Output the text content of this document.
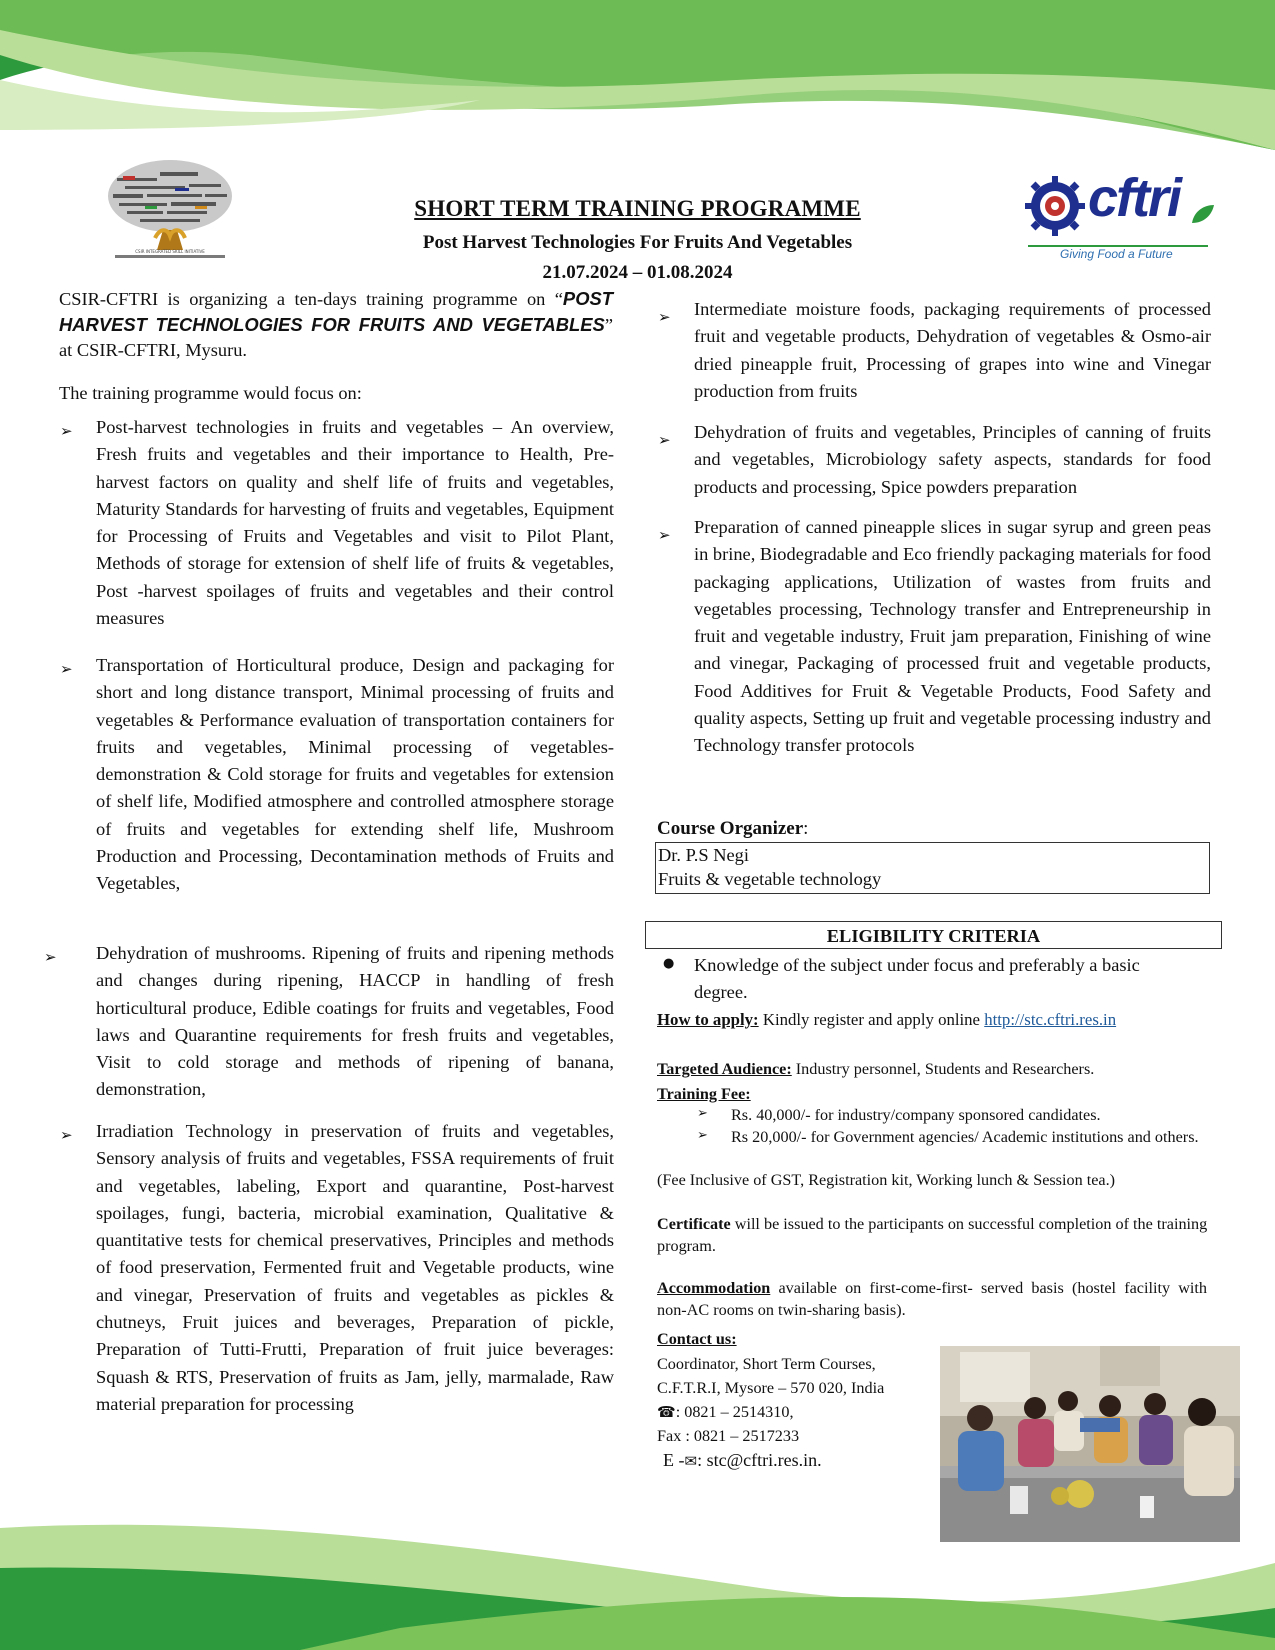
CSIR INTEGRATED SKILL INITIATIVE
cftri
Giving Food a Future
SHORT TERM TRAINING PROGRAMME
Post Harvest Technologies For Fruits And Vegetables
21.07.2024 – 01.08.2024
CSIR-CFTRI is organizing a ten-days training programme on “POST HARVEST TECHNOLOGIES FOR FRUITS AND VEGETABLES” at CSIR-CFTRI, Mysuru.
The training programme would focus on:
➢	Post-harvest technologies in fruits and vegetables – An overview, Fresh fruits and vegetables and their importance to Health, Pre-harvest factors on quality and shelf life of fruits and vegetables, Maturity Standards for harvesting of fruits and vegetables, Equipment for Processing of Fruits and Vegetables and visit to Pilot Plant, Methods of storage for extension of shelf life of fruits & vegetables, Post -harvest spoilages of fruits and vegetables and their control measures
➢	Transportation of Horticultural produce, Design and packaging for short and long distance transport, Minimal processing of fruits and vegetables & Performance evaluation of transportation containers for fruits and vegetables, Minimal processing of vegetables-demonstration & Cold storage for fruits and vegetables for extension of shelf life, Modified atmosphere and controlled atmosphere storage of fruits and vegetables for extending shelf life, Mushroom Production and Processing, Decontamination methods of Fruits and Vegetables,
➢	Dehydration of mushrooms. Ripening of fruits and ripening methods and changes during ripening, HACCP in handling of fresh horticultural produce, Edible coatings for fruits and vegetables, Food laws and Quarantine requirements for fresh fruits and vegetables, Visit to cold storage and methods of ripening of banana, demonstration,
➢	Irradiation Technology in preservation of fruits and vegetables, Sensory analysis of fruits and vegetables, FSSA requirements of fruit and vegetables, labeling, Export and quarantine, Post-harvest spoilages, fungi, bacteria, microbial examination, Qualitative & quantitative tests for chemical preservatives, Principles and methods of food preservation, Fermented fruit and Vegetable products, wine and vinegar, Preservation of fruits and vegetables as pickles & chutneys, Fruit juices and beverages, Preparation of pickle, Preparation of Tutti-Frutti, Preparation of fruit juice beverages: Squash & RTS, Preservation of fruits as Jam, jelly, marmalade, Raw material preparation for processing
➢	Intermediate moisture foods, packaging requirements of processed fruit and vegetable products, Dehydration of vegetables & Osmo-air dried pineapple fruit, Processing of grapes into wine and Vinegar production from fruits
➢	Dehydration of fruits and vegetables, Principles of canning of fruits and vegetables, Microbiology safety aspects, standards for food products and processing, Spice powders preparation
➢	Preparation of canned pineapple slices in sugar syrup and green peas in brine, Biodegradable and Eco friendly packaging materials for food packaging applications, Utilization of wastes from fruits and vegetables processing, Technology transfer and Entrepreneurship in fruit and vegetable industry, Fruit jam preparation, Finishing of wine and vinegar, Packaging of processed fruit and vegetable products, Food Additives for Fruit & Vegetable Products, Food Safety and quality aspects, Setting up fruit and vegetable processing industry and Technology transfer protocols
Course Organizer:
Dr. P.S Negi
Fruits & vegetable technology
ELIGIBILITY CRITERIA
● Knowledge of the subject under focus and preferably a basic degree.
How to apply: Kindly register and apply online http://stc.cftri.res.in
Targeted Audience: Industry personnel, Students and Researchers.
Training Fee:
➢ Rs. 40,000/- for industry/company sponsored candidates.
➢ Rs 20,000/- for Government agencies/ Academic institutions and others.
(Fee Inclusive of GST, Registration kit, Working lunch & Session tea.)
Certificate will be issued to the participants on successful completion of the training program.
Accommodation available on first-come-first- served basis (hostel facility with non-AC rooms on twin-sharing basis).
Contact us:
Coordinator, Short Term Courses,
C.F.T.R.I, Mysore – 570 020, India
☎: 0821 – 2514310,
Fax : 0821 – 2517233
E -✉: stc@cftri.res.in.
